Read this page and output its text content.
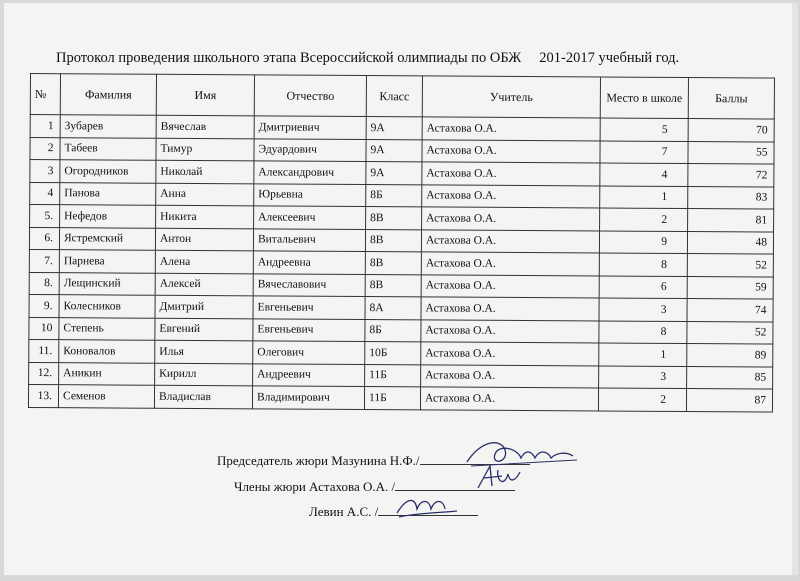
Протокол проведения школьного этапа Всероссийской олимпиады по ОБЖ 201-2017 учебный год.
№	Фамилия	Имя	Отчество	Класс	Учитель	Место в школе	Баллы
1	Зубарев	Вячеслав	Дмитриевич	9А	Астахова О.А.	5	70
2	Табеев	Тимур	Эдуардович	9А	Астахова О.А.	7	55
3	Огородников	Николай	Александрович	9А	Астахова О.А.	4	72
4	Панова	Анна	Юрьевна	8Б	Астахова О.А.	1	83
5.	Нефедов	Никита	Алексеевич	8В	Астахова О.А.	2	81
6.	Ястремский	Антон	Витальевич	8В	Астахова О.А.	9	48
7.	Парнева	Алена	Андреевна	8В	Астахова О.А.	8	52
8.	Лещинский	Алексей	Вячеславович	8В	Астахова О.А.	6	59
9.	Колесников	Дмитрий	Евгеньевич	8А	Астахова О.А.	3	74
10	Степень	Евгений	Евгеньевич	8Б	Астахова О.А.	8	52
11.	Коновалов	Илья	Олегович	10Б	Астахова О.А.	1	89
12.	Аникин	Кирилл	Андреевич	11Б	Астахова О.А.	3	85
13.	Семенов	Владислав	Владимирович	11Б	Астахова О.А.	2	87
Председатель жюри Мазунина Н.Ф./
Члены жюри Астахова О.А. /
Левин А.С. /
